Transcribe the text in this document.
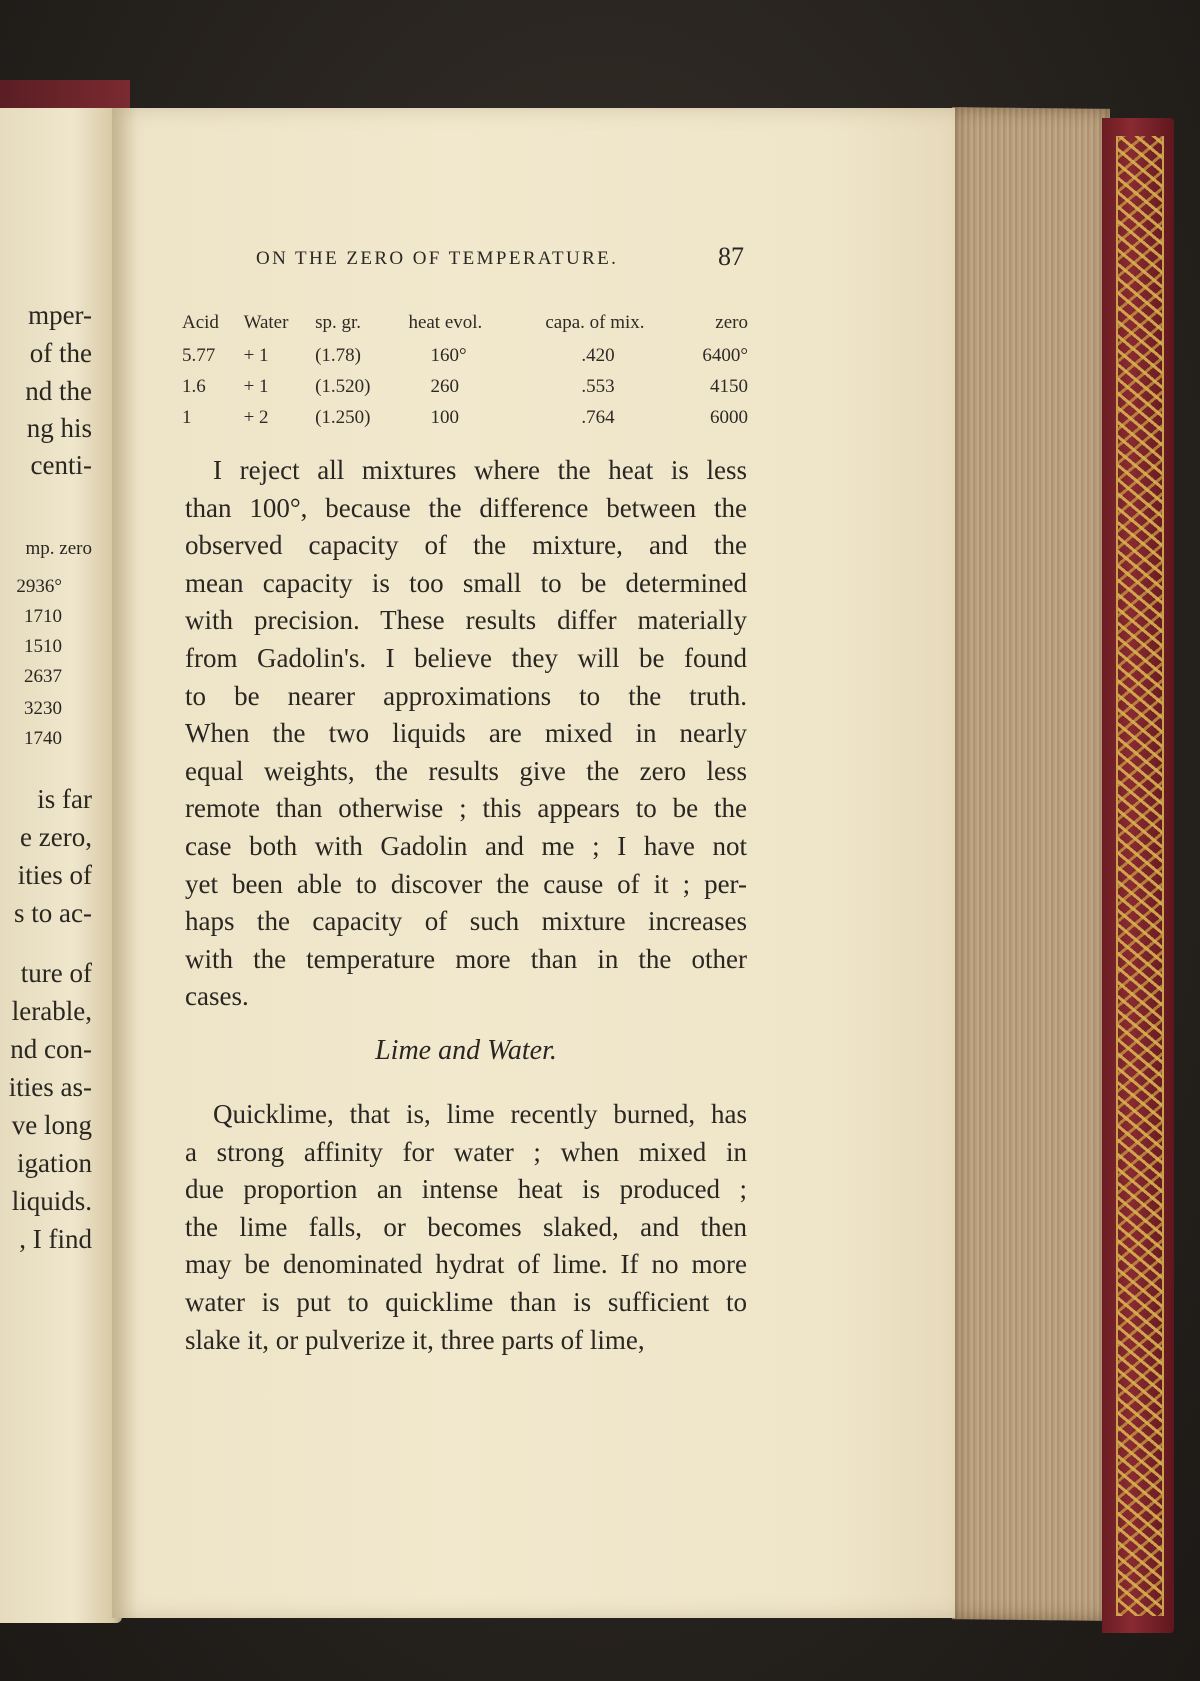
mper-
of the
nd the
ng his
centi-
mp. zero
2936°
1710
1510
2637
3230
1740
is far
e zero,
ities of
s to ac-
ture of
lerable,
nd con-
ities as-
ve long
igation
liquids.
, I find
ON THE ZERO OF TEMPERATURE.	87
Acid	Water	sp. gr.	heat evol.	capa. of mix.	zero
5.77	+ 1	(1.78)	160°	.420	6400°
1.6	+ 1	(1.520)	260	.553	4150
1	+ 2	(1.250)	100	.764	6000
I reject all mixtures where the heat is less
than 100°, because the difference between the
observed capacity of the mixture, and the
mean capacity is too small to be determined
with precision. These results differ materially
from Gadolin's. I believe they will be found
to be nearer approximations to the truth.
When the two liquids are mixed in nearly
equal weights, the results give the zero less
remote than otherwise ; this appears to be the
case both with Gadolin and me ; I have not
yet been able to discover the cause of it ; per-
haps the capacity of such mixture increases
with the temperature more than in the other
cases.
Lime and Water.
Quicklime, that is, lime recently burned, has
a strong affinity for water ; when mixed in
due proportion an intense heat is produced ;
the lime falls, or becomes slaked, and then
may be denominated hydrat of lime. If no more
water is put to quicklime than is sufficient to
slake it, or pulverize it, three parts of lime,
